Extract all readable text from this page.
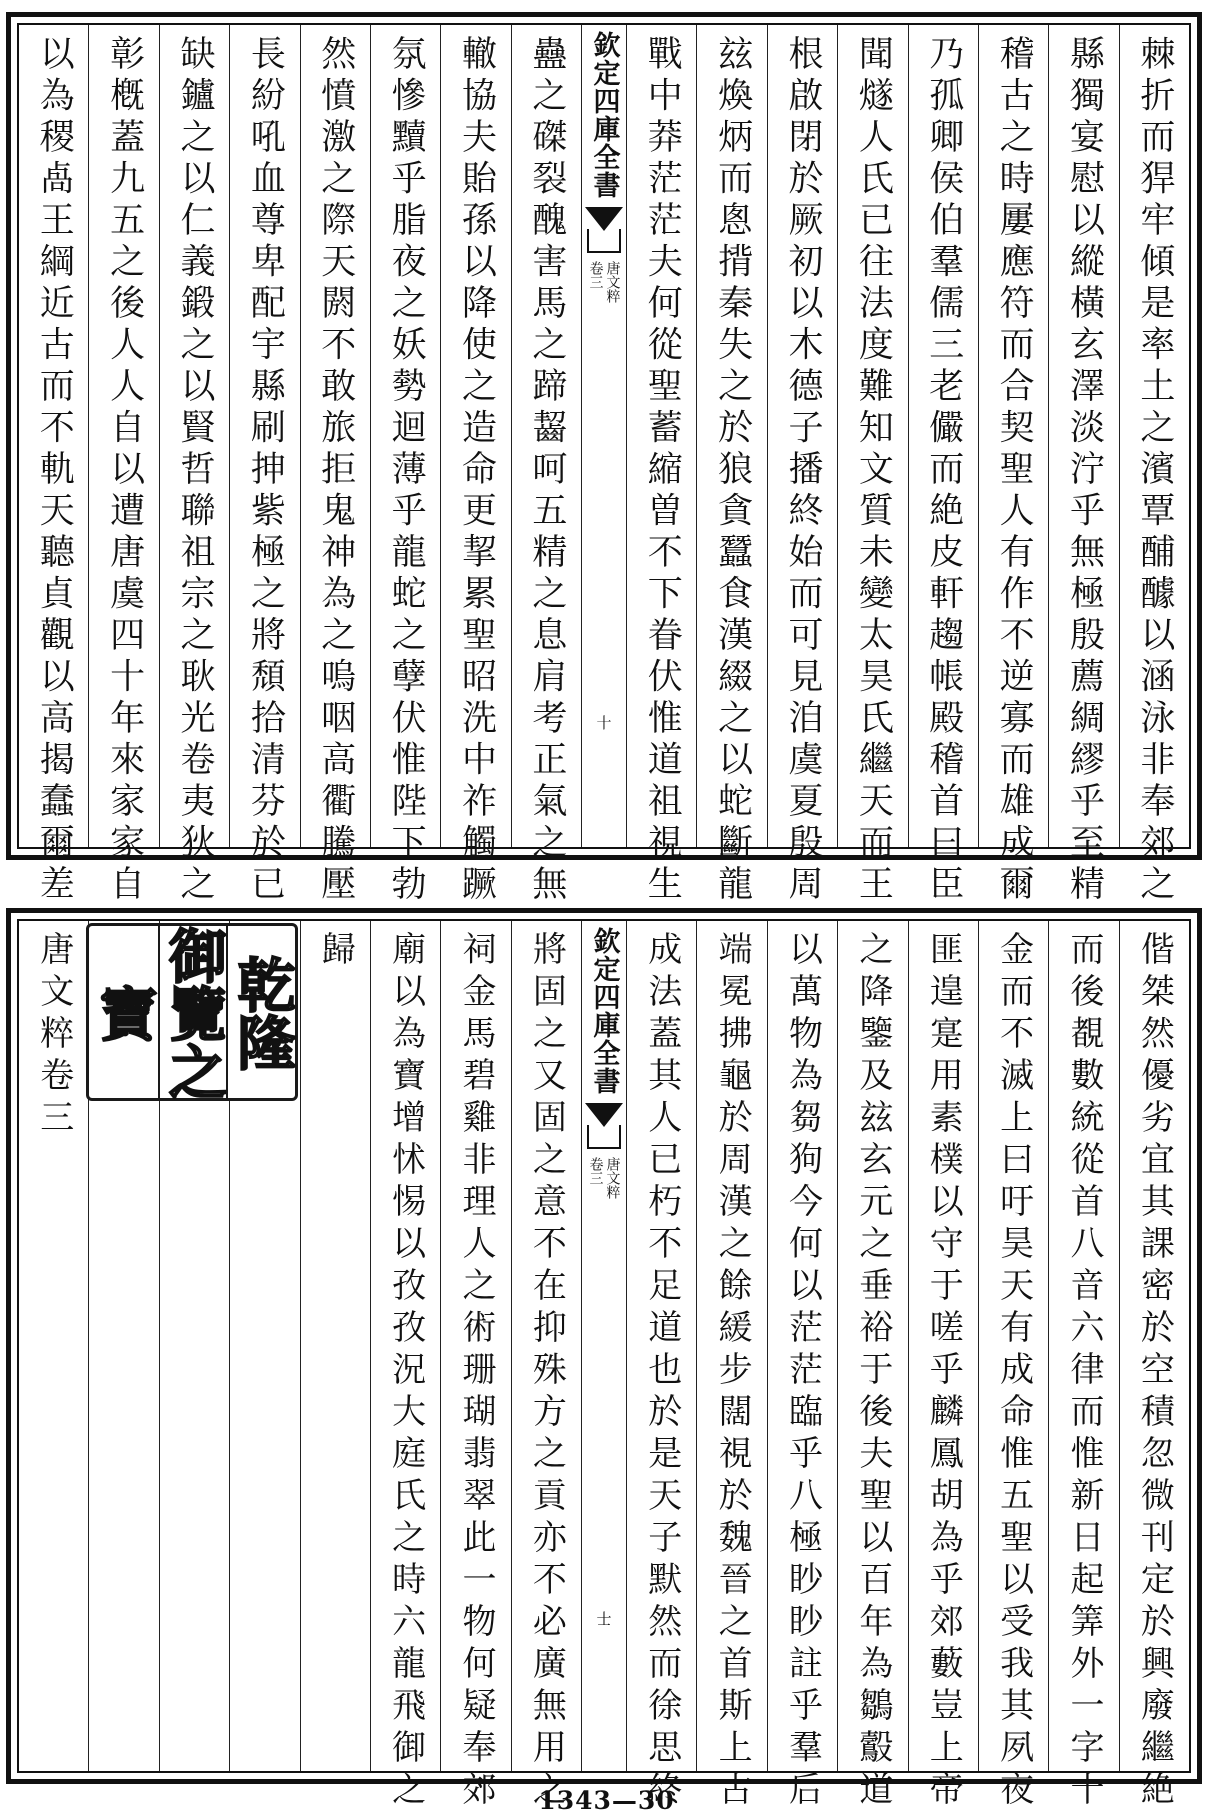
棘折而猂牢傾是率土之濱覃酺醵以涵泳非奉郊之
縣獨宴慰以縱橫玄澤淡泞乎無極殷薦綢繆乎至精
稽古之時屢應符而合契聖人有作不逆寡而雄成爾
乃孤卿侯伯羣儒三老儼而絶皮軒趨帳殿稽首曰臣
聞燧人氏已往法度難知文質未變太昊氏繼天而王
根啟閉於厥初以木德子播終始而可見洎虞夏殷周
玆煥炳而悤揹秦失之於狼貪蠶食漢綴之以蛇斷龍
戰中莽茫茫夫何從聖蓄縮曽不下眷伏惟道祖視生
欽定四庫全書
唐文粹
卷三
十
蠱之磔裂醜害馬之蹄齧呵五精之息肩考正氣之無
轍協夫貽孫以降使之造命更挈累聖昭洗中祚觸蹶
氛慘黷乎脂夜之妖勢迴薄乎龍蛇之孽伏惟陛下勃
然憤激之際天閼不敢旅拒鬼神為之嗚咽高衢騰壓
長紛吼血尊卑配宇縣刷抻紫極之將頹拾清芬於已
缺鑪之以仁義鍛之以賢哲聯祖宗之耿光卷夷狄之
彰槪蓋九五之後人人自以遭唐虞四十年來家家自
以為稷卨王綱近古而不軌天聽貞觀以高揭蠢爾差
偕桀然優劣宜其課密於空積忽微刊定於興廢繼絶
而後覩數統從首八音六律而惟新日起筭外一字十
金而不滅上曰吁昊天有成命惟五聖以受我其夙夜
匪遑寔用素樸以守于嗟乎麟鳳胡為乎郊藪豈上帝
之降鑒及玆玄元之垂裕于後夫聖以百年為鶵鷇道
以萬物為芻狗今何以茫茫臨乎八極眇眇註乎羣后
端冕拂龜於周漢之餘緩步闊視於魏晉之首斯上古
成法蓋其人已朽不足道也於是天子默然而徐思終
欽定四庫全書
唐文粹
卷三
士
將固之又固之意不在抑殊方之貢亦不必廣無用之
祠金馬碧雞非理人之術珊瑚翡翠此一物何疑奉郊
廟以為寶增怵惕以孜孜況大庭氏之時六龍飛御之
歸
唐文粹卷三 寶 御覽之 乾隆
1343—30
